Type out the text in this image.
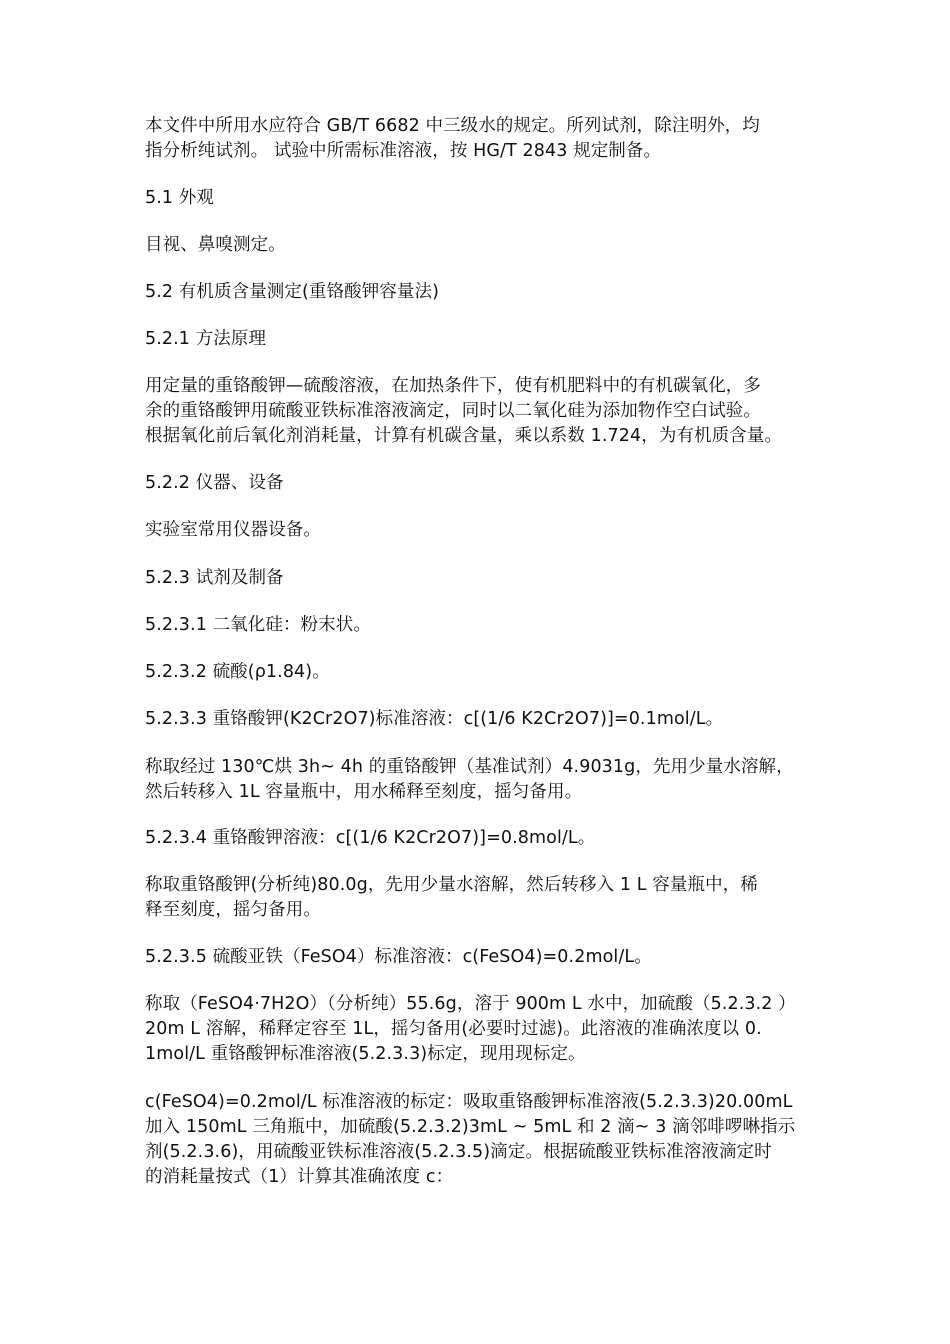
本文件中所用水应符合 GB/T 6682 中三级水的规定。所列试剂，除注明外，均
指分析纯试剂。 试验中所需标准溶液，按 HG/T 2843 规定制备。

5.1 外观

目视、鼻嗅测定。

5.2 有机质含量测定(重铬酸钾容量法)

5.2.1 方法原理

用定量的重铬酸钾—硫酸溶液，在加热条件下，使有机肥料中的有机碳氧化，多
余的重铬酸钾用硫酸亚铁标准溶液滴定，同时以二氧化硅为添加物作空白试验。
根据氧化前后氧化剂消耗量，计算有机碳含量，乘以系数 1.724，为有机质含量。

5.2.2 仪器、设备

实验室常用仪器设备。

5.2.3 试剂及制备

5.2.3.1 二氧化硅：粉末状。

5.2.3.2 硫酸(ρ1.84)。

5.2.3.3 重铬酸钾(K2Cr2O7)标准溶液：c[(1/6 K2Cr2O7)]=0.1mol/L。

称取经过 130℃烘 3h~ 4h 的重铬酸钾（基准试剂）4.9031g，先用少量水溶解，
然后转移入 1L 容量瓶中，用水稀释至刻度，摇匀备用。

5.2.3.4 重铬酸钾溶液：c[(1/6 K2Cr2O7)]=0.8mol/L。

称取重铬酸钾(分析纯)80.0g，先用少量水溶解，然后转移入 1 L 容量瓶中，稀
释至刻度，摇匀备用。

5.2.3.5 硫酸亚铁（FeSO4）标准溶液：c(FeSO4)=0.2mol/L。

称取（FeSO4·7H2O）（分析纯）55.6g，溶于 900m L 水中，加硫酸（5.2.3.2 ）
20m L 溶解，稀释定容至 1L，摇匀备用(必要时过滤)。此溶液的准确浓度以 0.
1mol/L 重铬酸钾标准溶液(5.2.3.3)标定，现用现标定。

c(FeSO4)=0.2mol/L 标准溶液的标定：吸取重铬酸钾标准溶液(5.2.3.3)20.00mL
加入 150mL 三角瓶中，加硫酸(5.2.3.2)3mL ~ 5mL 和 2 滴~ 3 滴邻啡啰啉指示
剂(5.2.3.6)，用硫酸亚铁标准溶液(5.2.3.5)滴定。根据硫酸亚铁标准溶液滴定时
的消耗量按式（1）计算其准确浓度 c：
